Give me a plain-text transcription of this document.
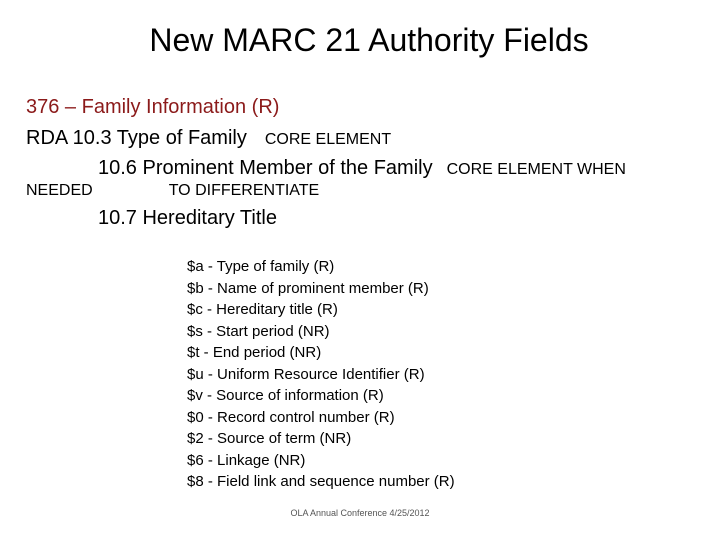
New MARC 21 Authority Fields
376 – Family Information (R)
RDA 10.3 Type of Family CORE ELEMENT
10.6 Prominent Member of the Family CORE ELEMENT WHEN
NEEDED	TO DIFFERENTIATE
10.7 Hereditary Title
$a - Type of family (R)
$b - Name of prominent member (R)
$c - Hereditary title (R)
$s - Start period (NR)
$t - End period (NR)
$u - Uniform Resource Identifier (R)
$v - Source of information (R)
$0 - Record control number (R)
$2 - Source of term (NR)
$6 - Linkage (NR)
$8 - Field link and sequence number (R)
OLA Annual Conference 4/25/2012
